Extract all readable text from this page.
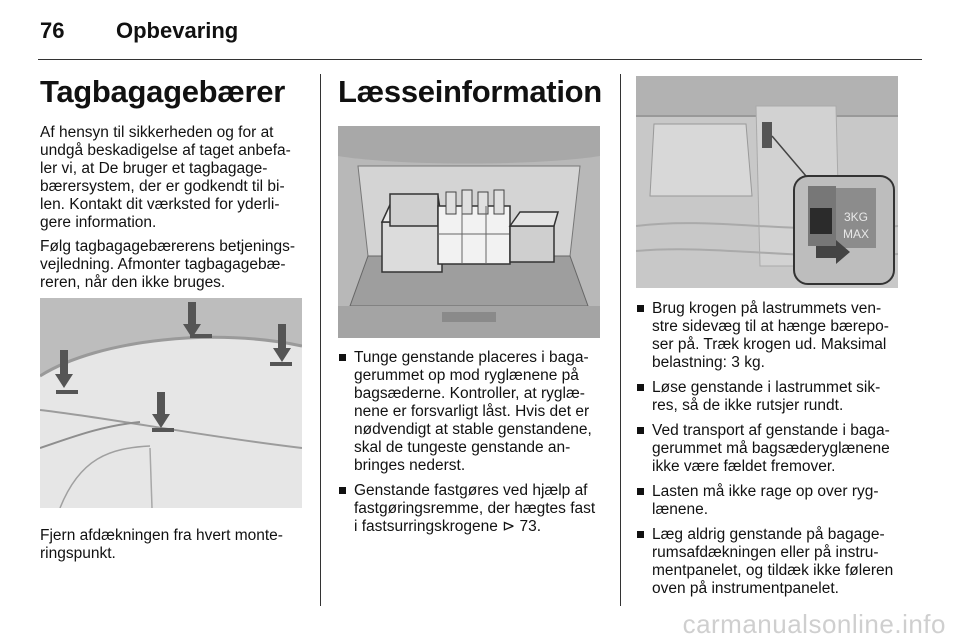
76 Opbevaring
Tagbagagebærer

Af hensyn til sikkerheden og for at
undgå beskadigelse af taget anbefa-
ler vi, at De bruger et tagbagage-
bærersystem, der er godkendt til bi-
len. Kontakt dit værksted for yderli-
gere information.

Følg tagbagagebærerens betjenings-
vejledning. Afmonter tagbagagebæ-
reren, når den ikke bruges.

Fjern afdækningen fra hvert monte-
ringspunkt.

Læsseinformation
Tunge genstande placeres i baga-
gerummet op mod ryglænene på
bagsæderne. Kontroller, at ryglæ-
nene er forsvarligt låst. Hvis det er
nødvendigt at stable genstandene,
skal de tungeste genstande an-
bringes nederst.
Genstande fastgøres ved hjælp af
fastgøringsremme, der hægtes fast
i fastsurringskrogene ⊳ 73.
3KG
MAX
Brug krogen på lastrummets ven-
stre sidevæg til at hænge bærepo-
ser på. Træk krogen ud. Maksimal
belastning: 3 kg.
Løse genstande i lastrummet sik-
res, så de ikke rutsjer rundt.
Ved transport af genstande i baga-
gerummet må bagsæderyglænene
ikke være fældet fremover.
Lasten må ikke rage op over ryg-
lænene.
Læg aldrig genstande på bagage-
rumsafdækningen eller på instru-
mentpanelet, og tildæk ikke føleren
oven på instrumentpanelet.
carmanualsonline.info
